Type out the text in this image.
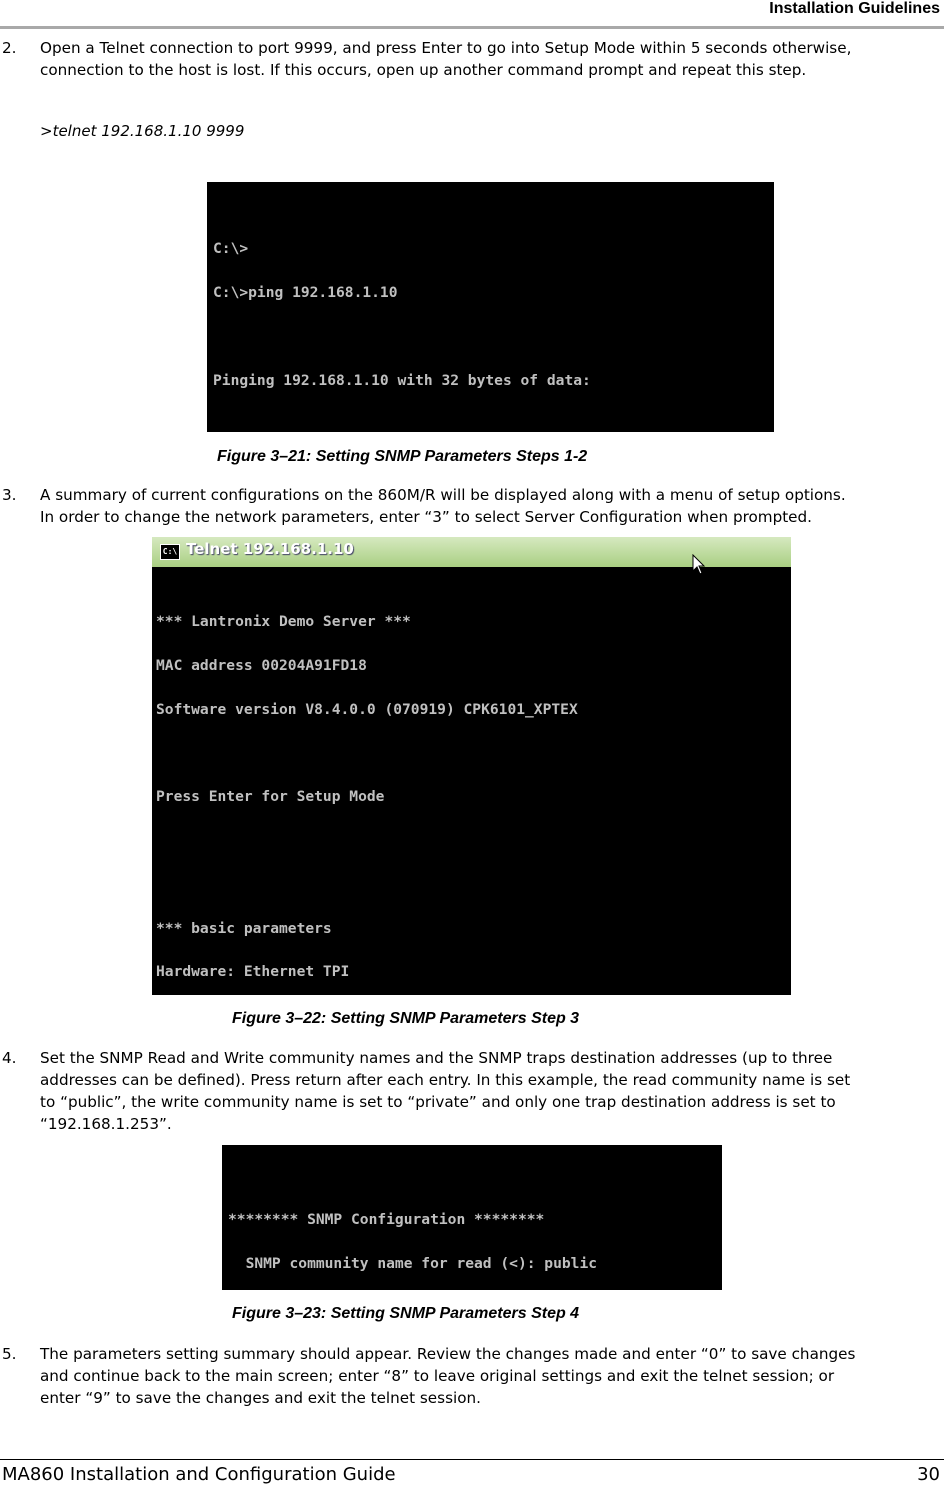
Installation Guidelines
2. Open a Telnet connection to port 9999, and press Enter to go into Setup Mode within 5 seconds otherwise,
connection to the host is lost. If this occurs, open up another command prompt and repeat this step.
>telnet 192.168.1.10 9999

C:\>

C:\>ping 192.168.1.10

Pinging 192.168.1.10 with 32 bytes of data:

Figure 3–21: Setting SNMP Parameters Steps 1-2
3. A summary of current configurations on the 860M/R will be displayed along with a menu of setup options.
In order to change the network parameters, enter “3” to select Server Configuration when prompted.

C:\

Telnet 192.168.1.10

*** Lantronix Demo Server ***

MAC address 00204A91FD18

Software version V8.4.0.0 (070919) CPK6101_XPTEX

Press Enter for Setup Mode

*** basic parameters

Hardware: Ethernet TPI

Figure 3–22: Setting SNMP Parameters Step 3
4. Set the SNMP Read and Write community names and the SNMP traps destination addresses (up to three
addresses can be defined). Press return after each entry. In this example, the read community name is set
to “public”, the write community name is set to “private” and only one trap destination address is set to
“192.168.1.253”.

******** SNMP Configuration ********

SNMP community name for read (<): public

Figure 3–23: Setting SNMP Parameters Step 4
5. The parameters setting summary should appear. Review the changes made and enter “0” to save changes
and continue back to the main screen; enter “8” to leave original settings and exit the telnet session; or
enter “9” to save the changes and exit the telnet session.
MA860 Installation and Configuration Guide	30
